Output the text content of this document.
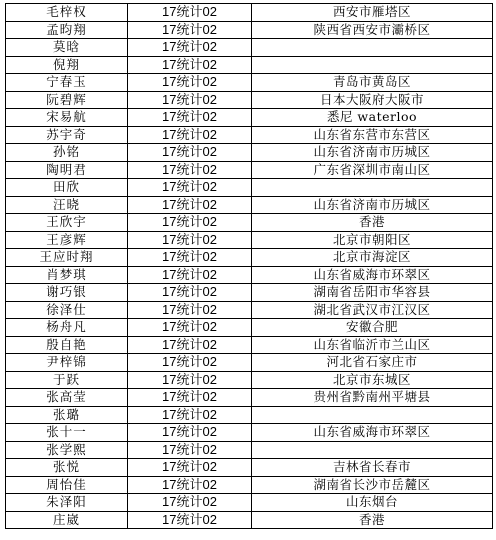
毛梓权	17统计02	西安市雁塔区
孟昀翔	17统计02	陕西省西安市灞桥区
莫晗	17统计02	
倪翔	17统计02	
宁春玉	17统计02	青岛市黄岛区
阮碧辉	17统计02	日本大阪府大阪市
宋易航	17统计02	悉尼 waterloo
苏宇奇	17统计02	山东省东营市东营区
孙铭	17统计02	山东省济南市历城区
陶明君	17统计02	广东省深圳市南山区
田欣	17统计02	
汪晓	17统计02	山东省济南市历城区
王欣宇	17统计02	香港
王彦辉	17统计02	北京市朝阳区
王应时翔	17统计02	北京市海淀区
肖梦琪	17统计02	山东省威海市环翠区
谢巧银	17统计02	湖南省岳阳市华容县
徐泽仕	17统计02	湖北省武汉市江汉区
杨舟凡	17统计02	安徽合肥
殷自艳	17统计02	山东省临沂市兰山区
尹梓锦	17统计02	河北省石家庄市
于跃	17统计02	北京市东城区
张高莹	17统计02	贵州省黔南州平塘县
张璐	17统计02	
张十一	17统计02	山东省威海市环翠区
张学熙	17统计02	
张悦	17统计02	吉林省长春市
周怡佳	17统计02	湖南省长沙市岳麓区
朱泽阳	17统计02	山东烟台
庄崴	17统计02	香港
